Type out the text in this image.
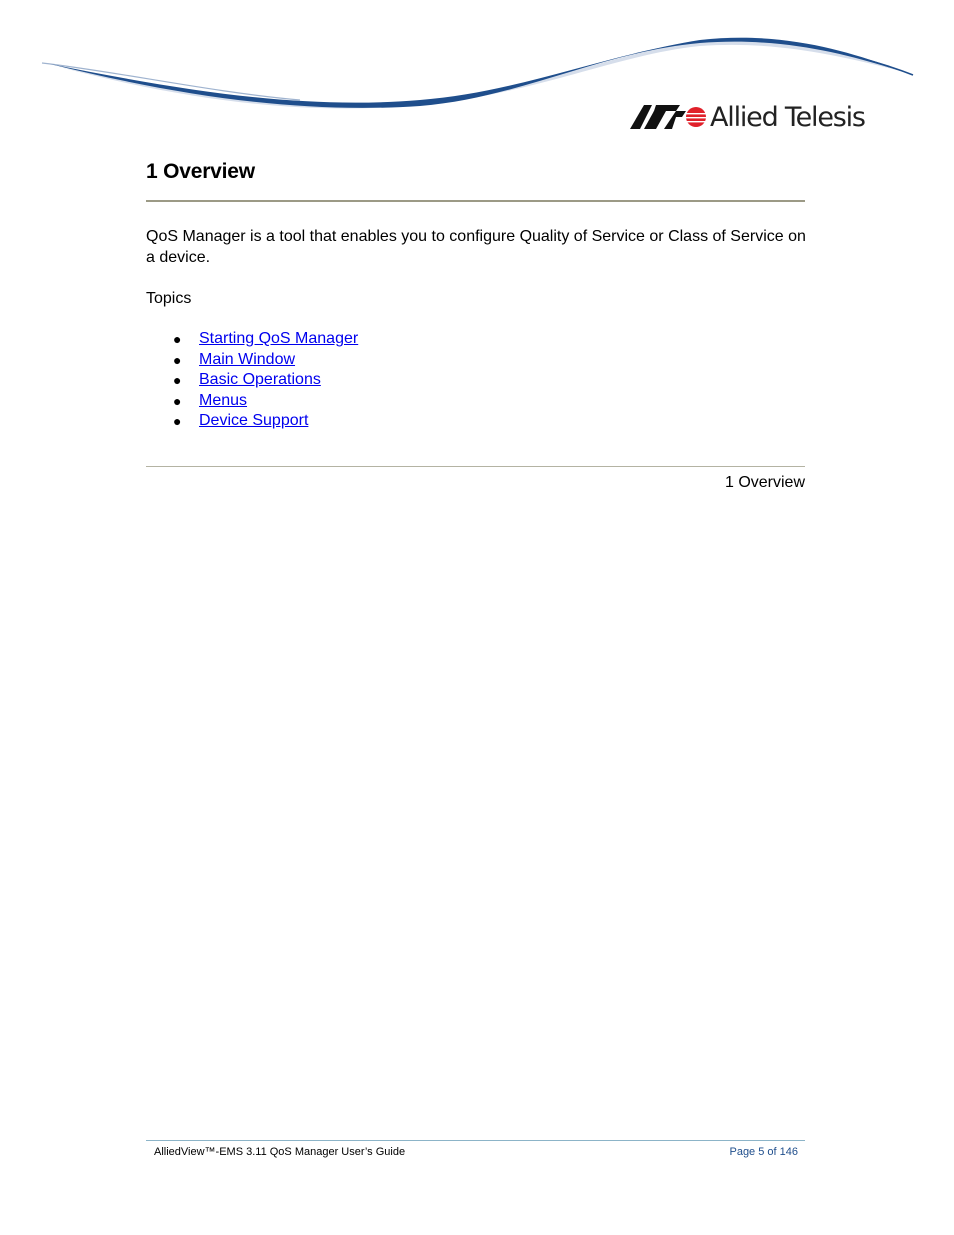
Allied Telesis
1 Overview

QoS Manager is a tool that enables you to configure Quality of Service or Class of Service on a device.

Topics

● Starting QoS Manager
● Main Window
● Basic Operations
● Menus
● Device Support

1 Overview

AlliedView™-EMS 3.11 QoS Manager User’s Guide	Page 5 of 146
